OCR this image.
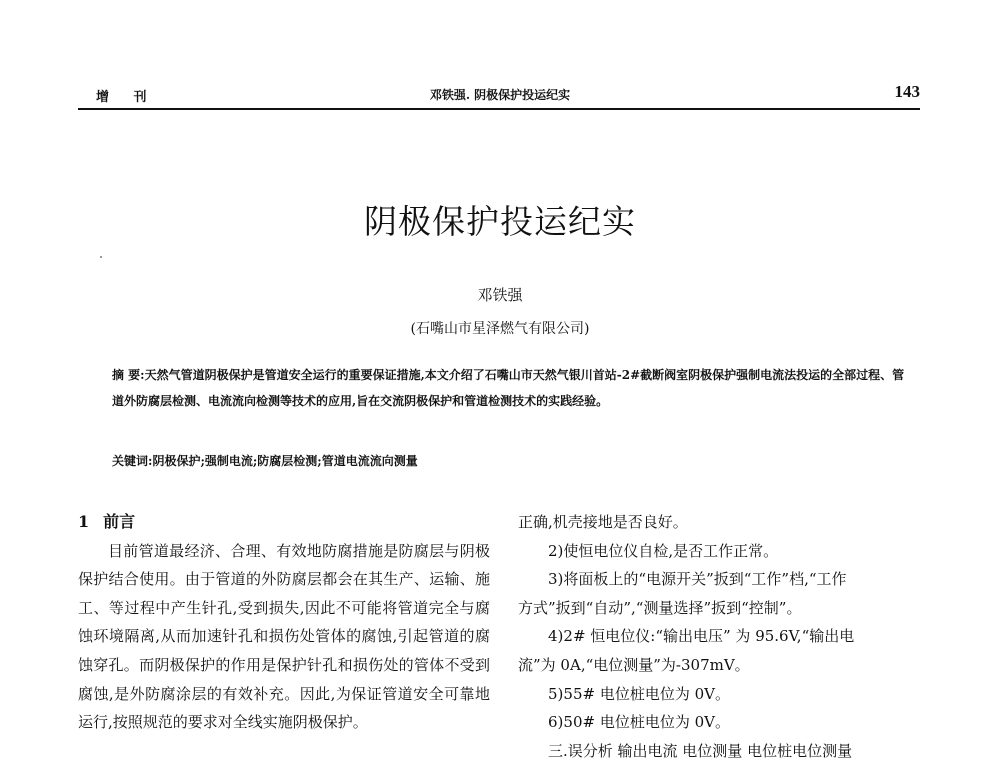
增 刊	邓铁强. 阴极保护投运纪实	143
阴极保护投运纪实
邓铁强
(石嘴山市星泽燃气有限公司)
摘 要:天然气管道阴极保护是管道安全运行的重要保证措施,本文介绍了石嘴山市天然气银川首站-2#截断阀室阴极保护强制电流法投运的全部过程、管道外防腐层检测、电流流向检测等技术的应用,旨在交流阴极保护和管道检测技术的实践经验。
关键词:阴极保护;强制电流;防腐层检测;管道电流流向测量
1 前言

目前管道最经济、合理、有效地防腐措施是防腐层与阴极保护结合使用。由于管道的外防腐层都会在其生产、运输、施工、等过程中产生针孔,受到损失,因此不可能将管道完全与腐蚀环境隔离,从而加速针孔和损伤处管体的腐蚀,引起管道的腐蚀穿孔。而阴极保护的作用是保护针孔和损伤处的管体不受到腐蚀,是外防腐涂层的有效补充。因此,为保证管道安全可靠地运行,按照规范的要求对全线实施阴极保护。

正确,机壳接地是否良好。

2)使恒电位仪自检,是否工作正常。

3)将面板上的“电源开关”扳到“工作”档,“工作

方式”扳到“自动”,“测量选择”扳到“控制”。

4)2# 恒电位仪:“输出电压” 为 95.6V,“输出电

流”为 0A,“电位测量”为-307mV。

5)55# 电位桩电位为 0V。

6)50# 电位桩电位为 0V。

三.误分析 输出电流 电位测量 电位桩电位测量
